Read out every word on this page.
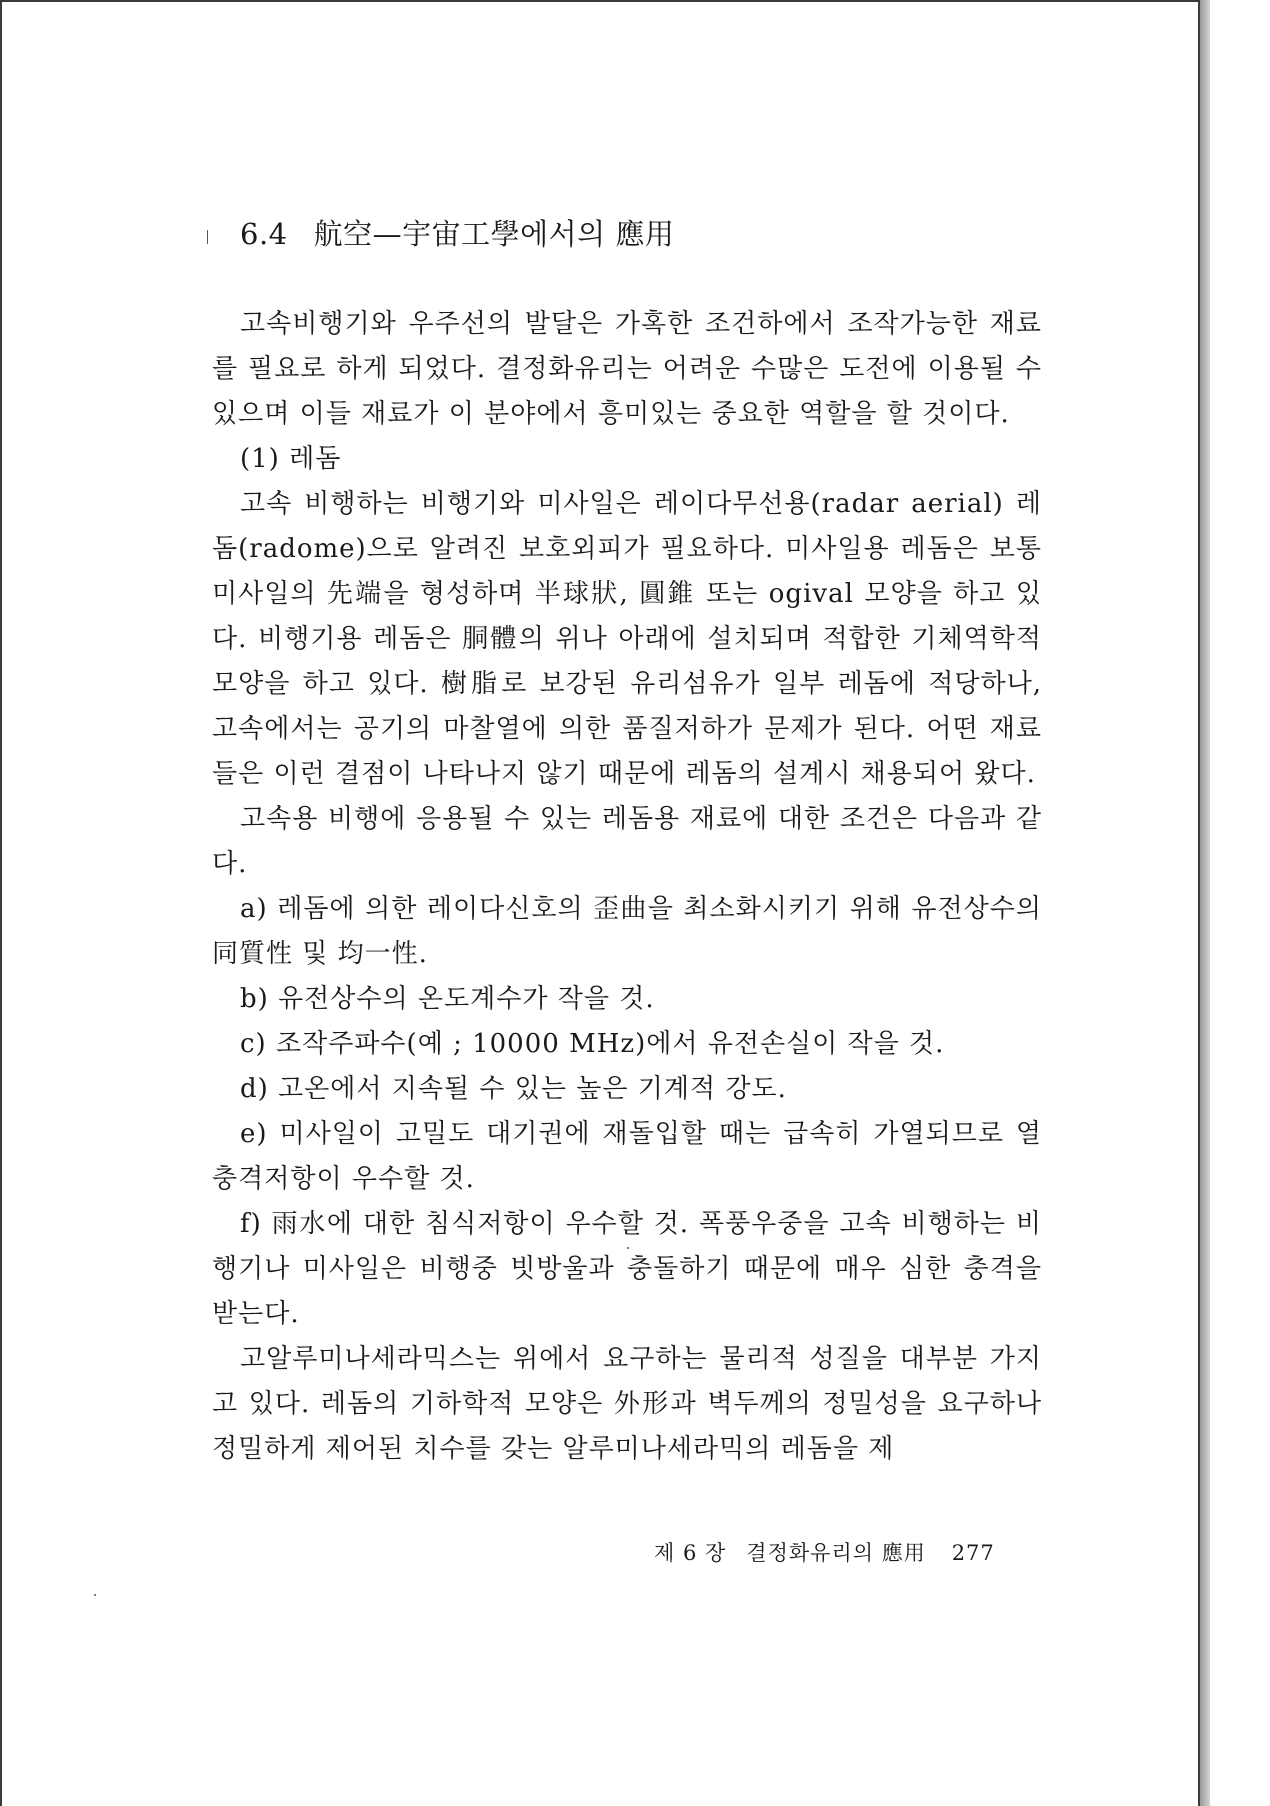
6.4 航空—宇宙工學에서의 應用

고속비행기와 우주선의 발달은 가혹한 조건하에서 조작가능한 재료를 필요로 하게 되었다. 결정화유리는 어려운 수많은 도전에 이용될 수 있으며 이들 재료가 이 분야에서 흥미있는 중요한 역할을 할 것이다.

(1) 레돔

고속 비행하는 비행기와 미사일은 레이다무선용(radar aerial) 레돔(radome)으로 알려진 보호외피가 필요하다. 미사일용 레돔은 보통 미사일의 先端을 형성하며 半球狀, 圓錐 또는 ogival 모양을 하고 있다. 비행기용 레돔은 胴體의 위나 아래에 설치되며 적합한 기체역학적 모양을 하고 있다. 樹脂로 보강된 유리섬유가 일부 레돔에 적당하나, 고속에서는 공기의 마찰열에 의한 품질저하가 문제가 된다. 어떤 재료들은 이런 결점이 나타나지 않기 때문에 레돔의 설계시 채용되어 왔다.

고속용 비행에 응용될 수 있는 레돔용 재료에 대한 조건은 다음과 같다.

a) 레돔에 의한 레이다신호의 歪曲을 최소화시키기 위해 유전상수의 同質性 및 均一性.

b) 유전상수의 온도계수가 작을 것.

c) 조작주파수(예 ; 10000 MHz)에서 유전손실이 작을 것.

d) 고온에서 지속될 수 있는 높은 기계적 강도.

e) 미사일이 고밀도 대기권에 재돌입할 때는 급속히 가열되므로 열충격저항이 우수할 것.

f) 雨水에 대한 침식저항이 우수할 것. 폭풍우중을 고속 비행하는 비행기나 미사일은 비행중 빗방울과 충돌하기 때문에 매우 심한 충격을 받는다.

고알루미나세라믹스는 위에서 요구하는 물리적 성질을 대부분 가지고 있다. 레돔의 기하학적 모양은 外形과 벽두께의 정밀성을 요구하나 정밀하게 제어된 치수를 갖는 알루미나세라믹의 레돔을 제

제 6 장 결정화유리의 應用 277
